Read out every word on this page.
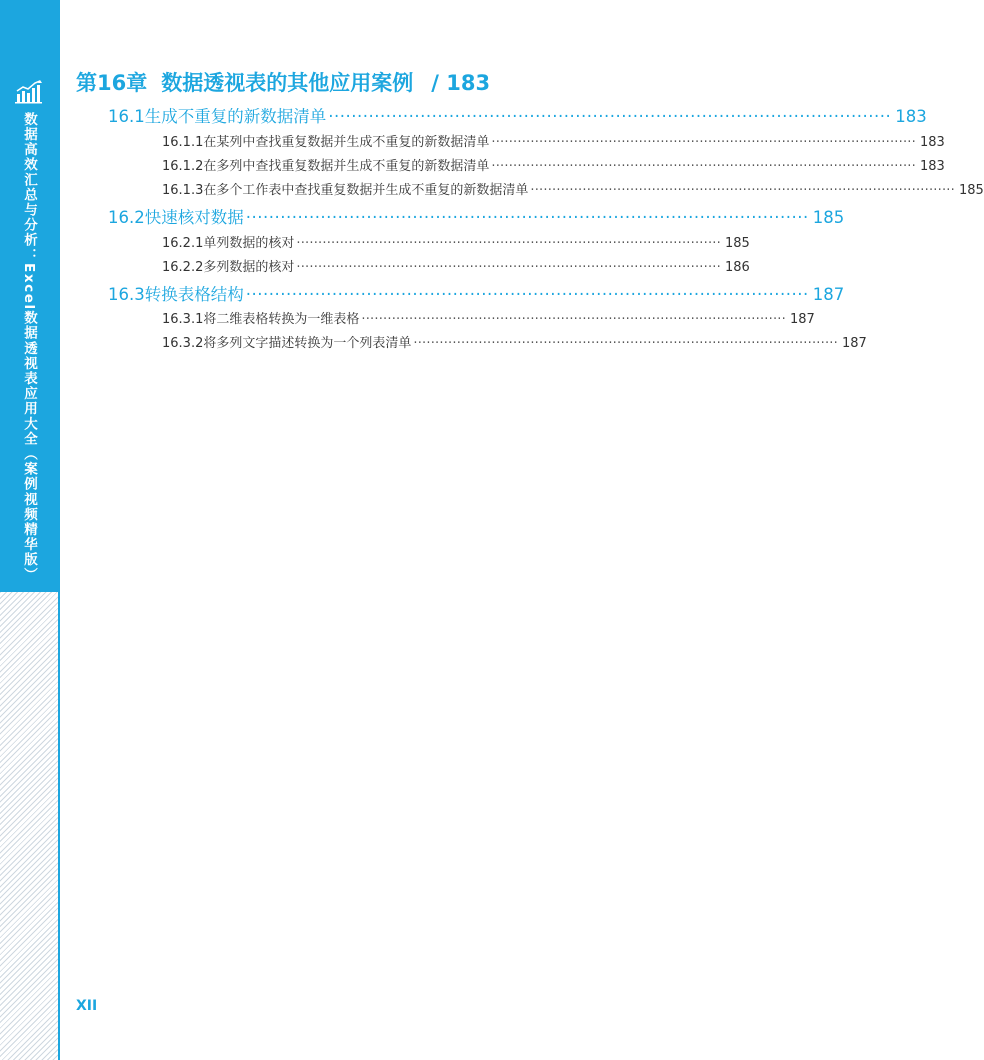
数据高效汇总与分析：Excel数据透视表应用大全（案例视频精华版）
第16章 数据透视表的其他应用案例 / 183
16.1 生成不重复的新数据清单 ·································································································· 183
16.1.1 在某列中查找重复数据并生成不重复的新数据清单 ·································································································· 183
16.1.2 在多列中查找重复数据并生成不重复的新数据清单 ·································································································· 183
16.1.3 在多个工作表中查找重复数据并生成不重复的新数据清单 ·································································································· 185
16.2 快速核对数据 ·································································································· 185
16.2.1 单列数据的核对 ·································································································· 185
16.2.2 多列数据的核对 ·································································································· 186
16.3 转换表格结构 ·································································································· 187
16.3.1 将二维表格转换为一维表格 ·································································································· 187
16.3.2 将多列文字描述转换为一个列表清单 ·································································································· 187
XII
